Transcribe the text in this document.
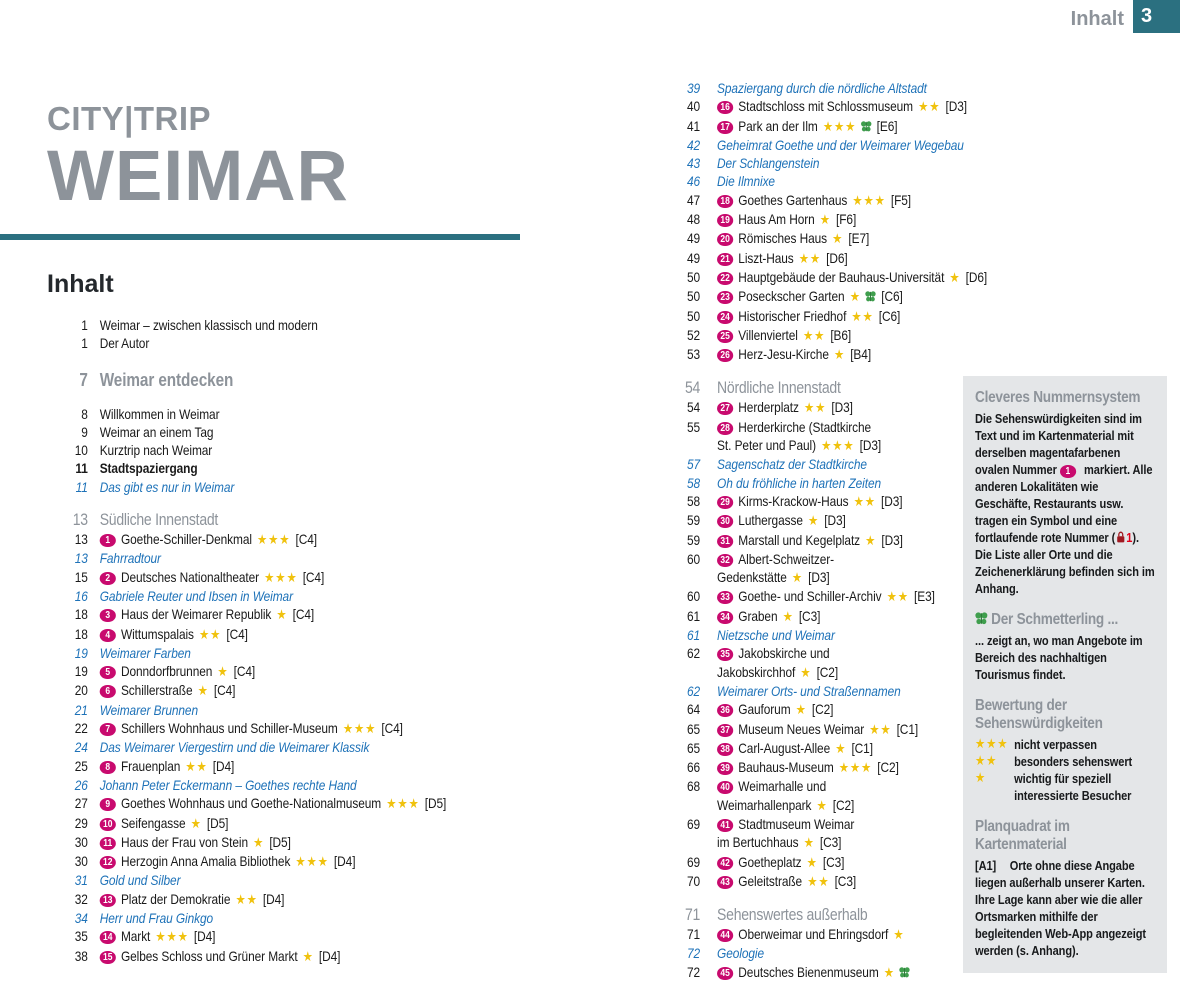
Inhalt 3
CITY|TRIP
WEIMAR
Inhalt
1 Weimar – zwischen klassisch und modern
1 Der Autor
7 Weimar entdecken
8 Willkommen in Weimar
9 Weimar an einem Tag
10 Kurztrip nach Weimar
11 Stadtspaziergang
11 Das gibt es nur in Weimar
13 Südliche Innenstadt
13	1 Goethe-Schiller-Denkmal ★★★ [C4]
13 Fahrradtour
15	2 Deutsches Nationaltheater ★★★ [C4]
16 Gabriele Reuter und Ibsen in Weimar
18	3 Haus der Weimarer Republik ★ [C4]
18	4 Wittumspalais ★★ [C4]
19 Weimarer Farben
19	5 Donndorfbrunnen ★ [C4]
20	6 Schillerstraße ★ [C4]
21 Weimarer Brunnen
22	7 Schillers Wohnhaus und Schiller-Museum ★★★ [C4]
24 Das Weimarer Viergestirn und die Weimarer Klassik
25	8 Frauenplan ★★ [D4]
26 Johann Peter Eckermann – Goethes rechte Hand
27	9 Goethes Wohnhaus und Goethe-Nationalmuseum ★★★ [D5]
29	10 Seifengasse ★ [D5]
30	11 Haus der Frau von Stein ★ [D5]
30	12 Herzogin Anna Amalia Bibliothek ★★★ [D4]
31 Gold und Silber
32	13 Platz der Demokratie ★★ [D4]
34 Herr und Frau Ginkgo
35	14 Markt ★★★ [D4]
38	15 Gelbes Schloss und Grüner Markt ★ [D4]
39 Spaziergang durch die nördliche Altstadt
40	16 Stadtschloss mit Schlossmuseum ★★ [D3]
41	17 Park an der Ilm ★★★ [E6]
42 Geheimrat Goethe und der Weimarer Wegebau
43 Der Schlangenstein
46 Die Ilmnixe
47	18 Goethes Gartenhaus ★★★ [F5]
48	19 Haus Am Horn ★ [F6]
49	20 Römisches Haus ★ [E7]
49	21 Liszt-Haus ★★ [D6]
50	22 Hauptgebäude der Bauhaus-Universität ★ [D6]
50	23 Poseckscher Garten ★ [C6]
50	24 Historischer Friedhof ★★ [C6]
52	25 Villenviertel ★★ [B6]
53	26 Herz-Jesu-Kirche ★ [B4]
54 Nördliche Innenstadt
54	27 Herderplatz ★★ [D3]
55	28 Herderkirche (Stadtkirche
St. Peter und Paul) ★★★ [D3]
57 Sagenschatz der Stadtkirche
58 Oh du fröhliche in harten Zeiten
58	29 Kirms-Krackow-Haus ★★ [D3]
59	30 Luthergasse ★ [D3]
59	31 Marstall und Kegelplatz ★ [D3]
60	32 Albert-Schweitzer-
Gedenkstätte ★ [D3]
60	33 Goethe- und Schiller-Archiv ★★ [E3]
61	34 Graben ★ [C3]
61 Nietzsche und Weimar
62	35 Jakobskirche und
Jakobskirchhof ★ [C2]
62 Weimarer Orts- und Straßennamen
64	36 Gauforum ★ [C2]
65	37 Museum Neues Weimar ★★ [C1]
65	38 Carl-August-Allee ★ [C1]
66	39 Bauhaus-Museum ★★★ [C2]
68	40 Weimarhalle und
Weimarhallenpark ★ [C2]
69	41 Stadtmuseum Weimar
im Bertuchhaus ★ [C3]
69	42 Goetheplatz ★ [C3]
70	43 Geleitstraße ★★ [C3]
71 Sehenswertes außerhalb
71	44 Oberweimar und Ehringsdorf ★
72 Geologie
72	45 Deutsches Bienenmuseum ★
Cleveres Nummernsystem
Die Sehenswürdigkeiten sind im Text und im Kartenmaterial mit derselben magentafarbenen ovalen Nummer 1 markiert. Alle anderen Lokalitäten wie Geschäfte, Restaurants usw. tragen ein Symbol und eine fortlaufende rote Nummer ( 1). Die Liste aller Orte und die Zeichenerklärung befinden sich im Anhang.
Der Schmetterling ...
... zeigt an, wo man Angebote im Bereich des nachhaltigen Tourismus findet.
Bewertung der Sehenswürdigkeiten
★★★ nicht verpassen
★★	besonders sehenswert
★	wichtig für speziell interessierte Besucher
Planquadrat im Kartenmaterial
[A1] Orte ohne diese Angabe liegen außerhalb unserer Karten. Ihre Lage kann aber wie die aller Ortsmarken mithilfe der begleitenden Web-App angezeigt werden (s. Anhang).
